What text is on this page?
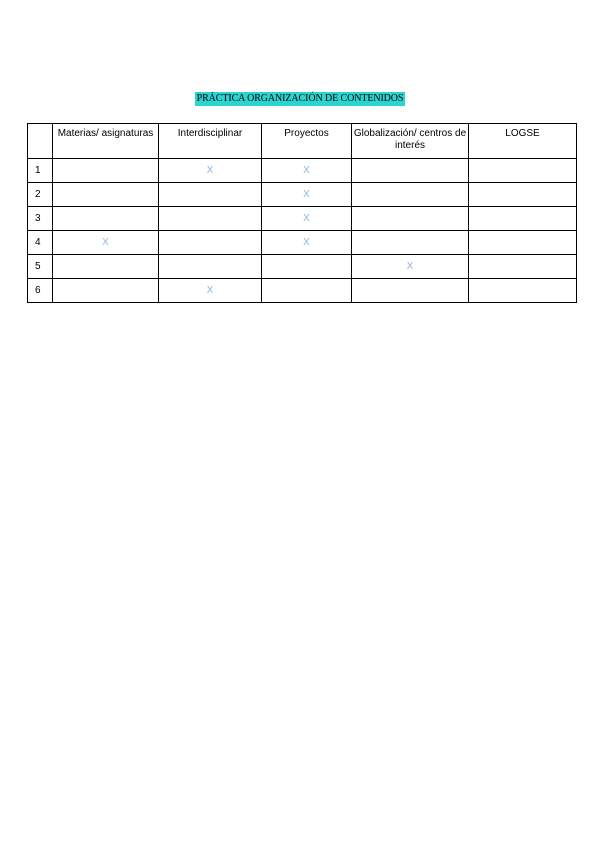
PRÁCTICA ORGANIZACIÓN DE CONTENIDOS
	Materias/ asignaturas	Interdisciplinar	Proyectos	Globalización/ centros de interés	LOGSE
1		X	X		
2			X		
3			X		
4	X		X		
5				X	
6		X			
